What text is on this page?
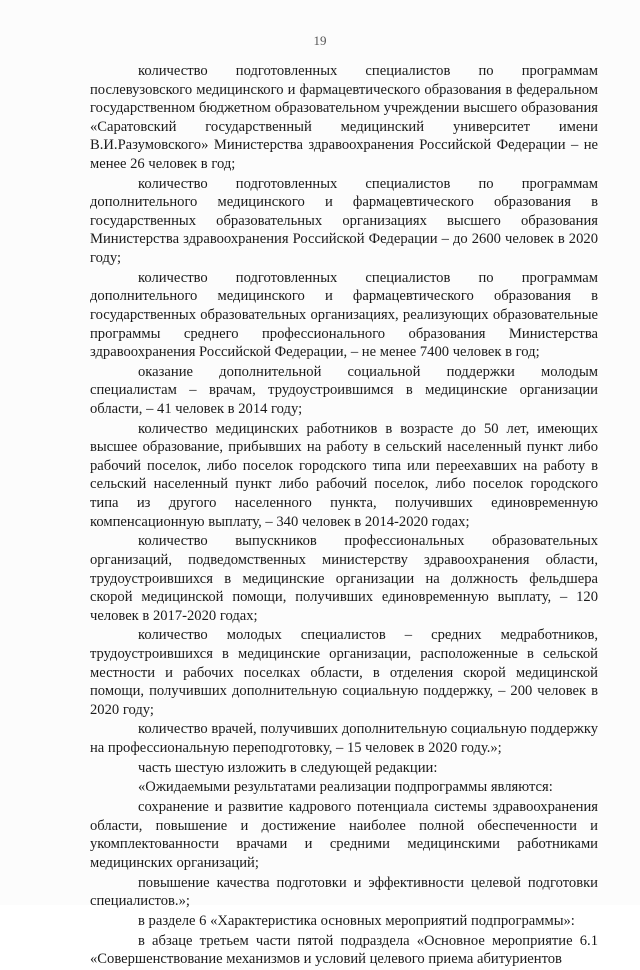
19

количество подготовленных специалистов по программам послевузовского медицинского и фармацевтического образования в федеральном государственном бюджетном образовательном учреждении высшего образования «Саратовский государственный медицинский университет имени В.И.Разумовского» Министерства здравоохранения Российской Федерации – не менее 26 человек в год;

количество подготовленных специалистов по программам дополнительного медицинского и фармацевтического образования в государственных образовательных организациях высшего образования Министерства здравоохранения Российской Федерации – до 2600 человек в 2020 году;

количество подготовленных специалистов по программам дополнительного медицинского и фармацевтического образования в государственных образовательных организациях, реализующих образовательные программы среднего профессионального образования Министерства здравоохранения Российской Федерации, – не менее 7400 человек в год;

оказание дополнительной социальной поддержки молодым специалистам – врачам, трудоустроившимся в медицинские организации области, – 41 человек в 2014 году;

количество медицинских работников в возрасте до 50 лет, имеющих высшее образование, прибывших на работу в сельский населенный пункт либо рабочий поселок, либо поселок городского типа или переехавших на работу в сельский населенный пункт либо рабочий поселок, либо поселок городского типа из другого населенного пункта, получивших единовременную компенсационную выплату, – 340 человек в 2014-2020 годах;

количество выпускников профессиональных образовательных организаций, подведомственных министерству здравоохранения области, трудоустроившихся в медицинские организации на должность фельдшера скорой медицинской помощи, получивших единовременную выплату, – 120 человек в 2017-2020 годах;

количество молодых специалистов – средних медработников, трудоустроившихся в медицинские организации, расположенные в сельской местности и рабочих поселках области, в отделения скорой медицинской помощи, получивших дополнительную социальную поддержку, – 200 человек в 2020 году;

количество врачей, получивших дополнительную социальную поддержку на профессиональную переподготовку, – 15 человек в 2020 году.»;

часть шестую изложить в следующей редакции:

«Ожидаемыми результатами реализации подпрограммы являются:

сохранение и развитие кадрового потенциала системы здравоохранения области, повышение и достижение наиболее полной обеспеченности и укомплектованности врачами и средними медицинскими работниками медицинских организаций;

повышение качества подготовки и эффективности целевой подготовки специалистов.»;

в разделе 6 «Характеристика основных мероприятий подпрограммы»:

в абзаце третьем части пятой подраздела «Основное мероприятие 6.1 «Совершенствование механизмов и условий целевого приема абитуриентов
